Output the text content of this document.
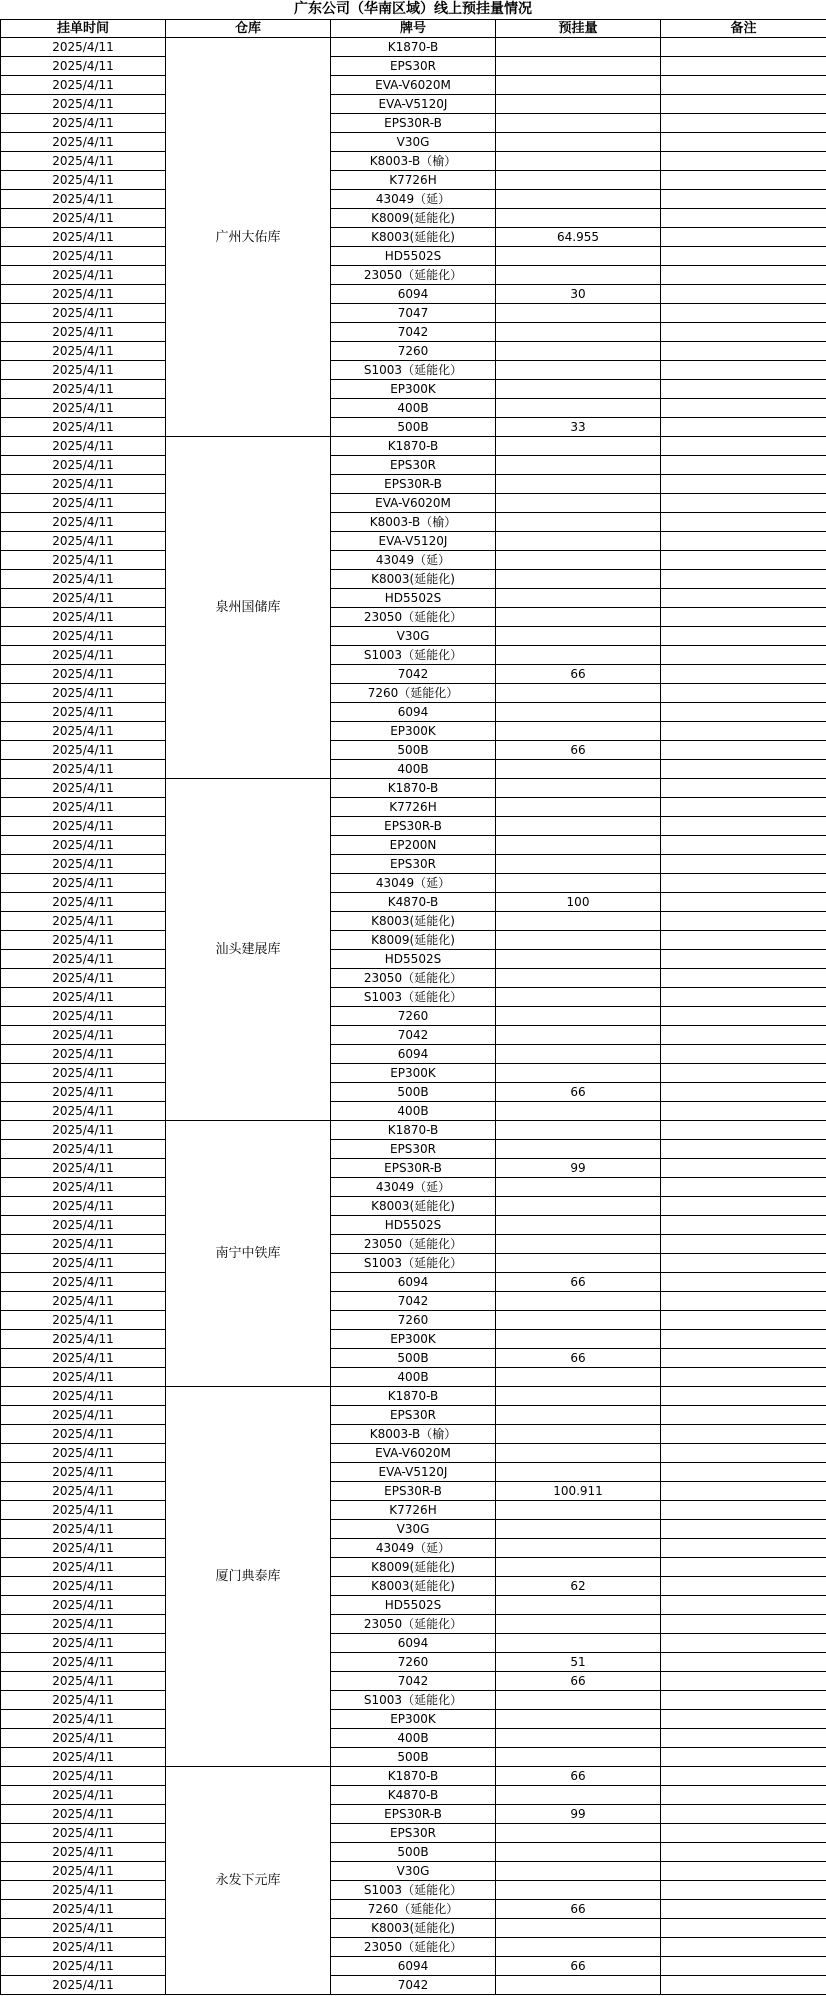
广东公司（华南区域）线上预挂量情况
挂单时间	仓库	牌号	预挂量	备注
2025/4/11	广州大佑库	K1870-B		
2025/4/11		EPS30R		
2025/4/11		EVA-V6020M		
2025/4/11		EVA-V5120J		
2025/4/11		EPS30R-B		
2025/4/11		V30G		
2025/4/11		K8003-B（榆）		
2025/4/11		K7726H		
2025/4/11		43049（延）		
2025/4/11		K8009(延能化)		
2025/4/11		K8003(延能化)	64.955	
2025/4/11		HD5502S		
2025/4/11		23050（延能化）		
2025/4/11		6094	30	
2025/4/11		7047		
2025/4/11		7042		
2025/4/11		7260		
2025/4/11		S1003（延能化）		
2025/4/11		EP300K		
2025/4/11		400B		
2025/4/11		500B	33	
2025/4/11	泉州国储库	K1870-B		
2025/4/11		EPS30R		
2025/4/11		EPS30R-B		
2025/4/11		EVA-V6020M		
2025/4/11		K8003-B（榆）		
2025/4/11		EVA-V5120J		
2025/4/11		43049（延）		
2025/4/11		K8003(延能化)		
2025/4/11		HD5502S		
2025/4/11		23050（延能化）		
2025/4/11		V30G		
2025/4/11		S1003（延能化）		
2025/4/11		7042	66	
2025/4/11		7260（延能化）		
2025/4/11		6094		
2025/4/11		EP300K		
2025/4/11		500B	66	
2025/4/11		400B		
2025/4/11	汕头建展库	K1870-B		
2025/4/11		K7726H		
2025/4/11		EPS30R-B		
2025/4/11		EP200N		
2025/4/11		EPS30R		
2025/4/11		43049（延）		
2025/4/11		K4870-B	100	
2025/4/11		K8003(延能化)		
2025/4/11		K8009(延能化)		
2025/4/11		HD5502S		
2025/4/11		23050（延能化）		
2025/4/11		S1003（延能化）		
2025/4/11		7260		
2025/4/11		7042		
2025/4/11		6094		
2025/4/11		EP300K		
2025/4/11		500B	66	
2025/4/11		400B		
2025/4/11	南宁中铁库	K1870-B		
2025/4/11		EPS30R		
2025/4/11		EPS30R-B	99	
2025/4/11		43049（延）		
2025/4/11		K8003(延能化)		
2025/4/11		HD5502S		
2025/4/11		23050（延能化）		
2025/4/11		S1003（延能化）		
2025/4/11		6094	66	
2025/4/11		7042		
2025/4/11		7260		
2025/4/11		EP300K		
2025/4/11		500B	66	
2025/4/11		400B		
2025/4/11	厦门典泰库	K1870-B		
2025/4/11		EPS30R		
2025/4/11		K8003-B（榆）		
2025/4/11		EVA-V6020M		
2025/4/11		EVA-V5120J		
2025/4/11		EPS30R-B	100.911	
2025/4/11		K7726H		
2025/4/11		V30G		
2025/4/11		43049（延）		
2025/4/11		K8009(延能化)		
2025/4/11		K8003(延能化)	62	
2025/4/11		HD5502S		
2025/4/11		23050（延能化）		
2025/4/11		6094		
2025/4/11		7260	51	
2025/4/11		7042	66	
2025/4/11		S1003（延能化）		
2025/4/11		EP300K		
2025/4/11		400B		
2025/4/11		500B		
2025/4/11	永发下元库	K1870-B	66	
2025/4/11		K4870-B		
2025/4/11		EPS30R-B	99	
2025/4/11		EPS30R		
2025/4/11		500B		
2025/4/11		V30G		
2025/4/11		S1003（延能化）		
2025/4/11		7260（延能化）	66	
2025/4/11		K8003(延能化)		
2025/4/11		23050（延能化）		
2025/4/11		6094	66	
2025/4/11		7042		
